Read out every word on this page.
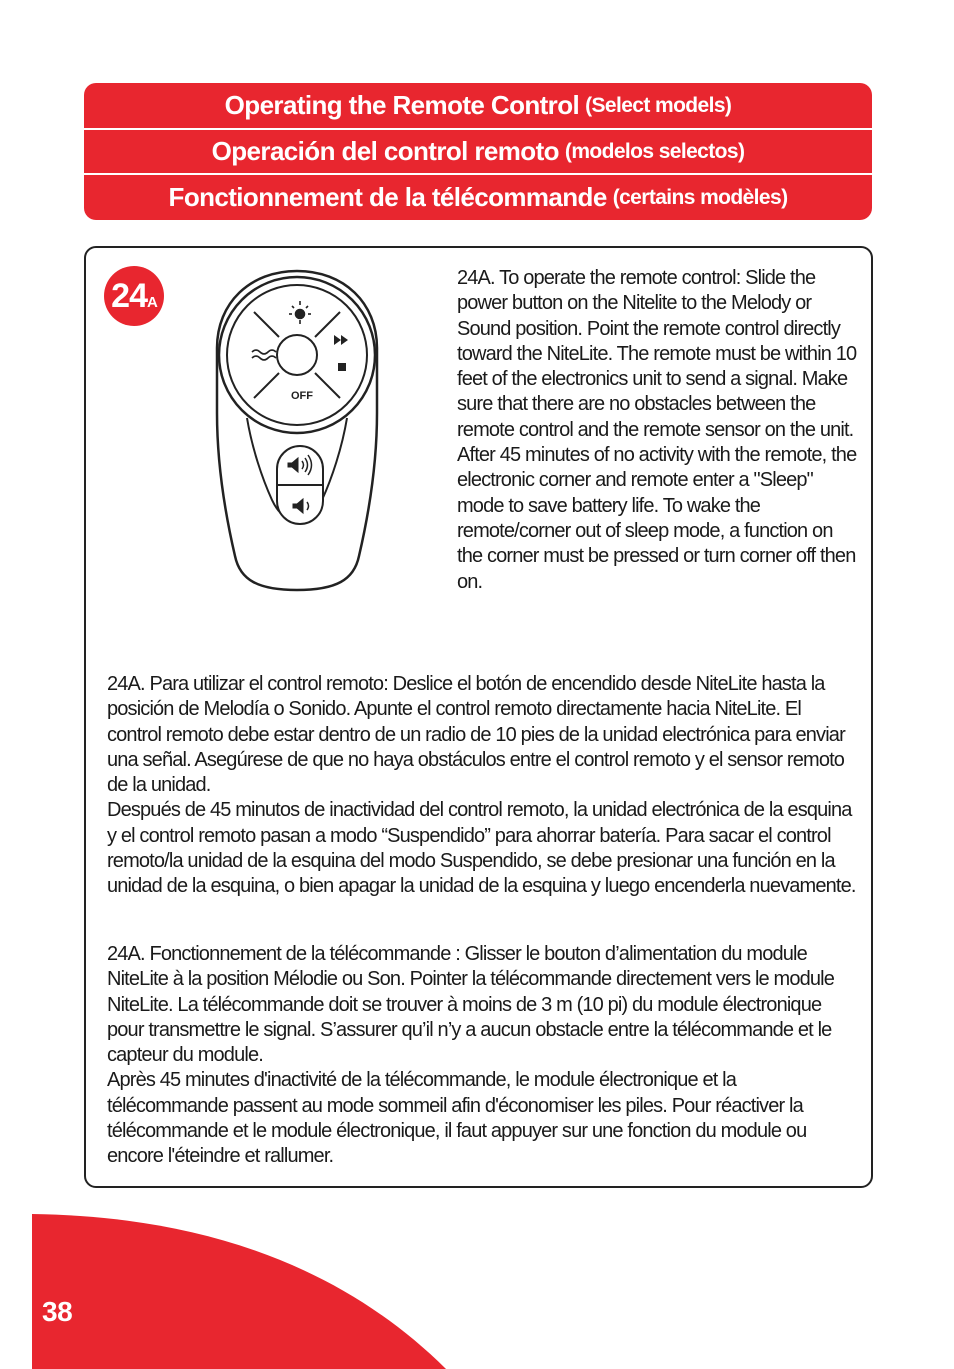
Operating the Remote Control (Select models)
Operación del control remoto (modelos selectos)
Fonctionnement de la télécommande (certains modèles)
24 A
OFF

24A. To operate the remote control: Slide the power button on the Nitelite to the Melody or Sound position. Point the remote control directly toward the NiteLite. The remote must be within 10 feet of the electronics unit to send a signal. Make sure that there are no obstacles between the remote control and the remote sensor on the unit.

After 45 minutes of no activity with the remote, the electronic corner and remote enter a "Sleep" mode to save battery life. To wake the remote/corner out of sleep mode, a function on the corner must be pressed or turn corner off then on.

24A. Para utilizar el control remoto: Deslice el botón de encendido desde NiteLite hasta la posición de Melodía o Sonido. Apunte el control remoto directamente hacia NiteLite. El control remoto debe estar dentro de un radio de 10 pies de la unidad electrónica para enviar una señal. Asegúrese de que no haya obstáculos entre el control remoto y el sensor remoto de la unidad.

Después de 45 minutos de inactividad del control remoto, la unidad electrónica de la esquina y el control remoto pasan a modo “Suspendido” para ahorrar batería. Para sacar el control remoto/la unidad de la esquina del modo Suspendido, se debe presionar una función en la unidad de la esquina, o bien apagar la unidad de la esquina y luego encenderla nuevamente.

24A. Fonctionnement de la télécommande : Glisser le bouton d’alimentation du module NiteLite à la position Mélodie ou Son. Pointer la télécommande directement vers le module NiteLite. La télécommande doit se trouver à moins de 3 m (10 pi) du module électronique pour transmettre le signal. S’assurer qu’il n’y a aucun obstacle entre la télécommande et le capteur du module.

Après 45 minutes d'inactivité de la télécommande, le module électronique et la télécommande passent au mode sommeil afin d'économiser les piles. Pour réactiver la télécommande et le module électronique, il faut appuyer sur une fonction du module ou encore l'éteindre et rallumer.

38
